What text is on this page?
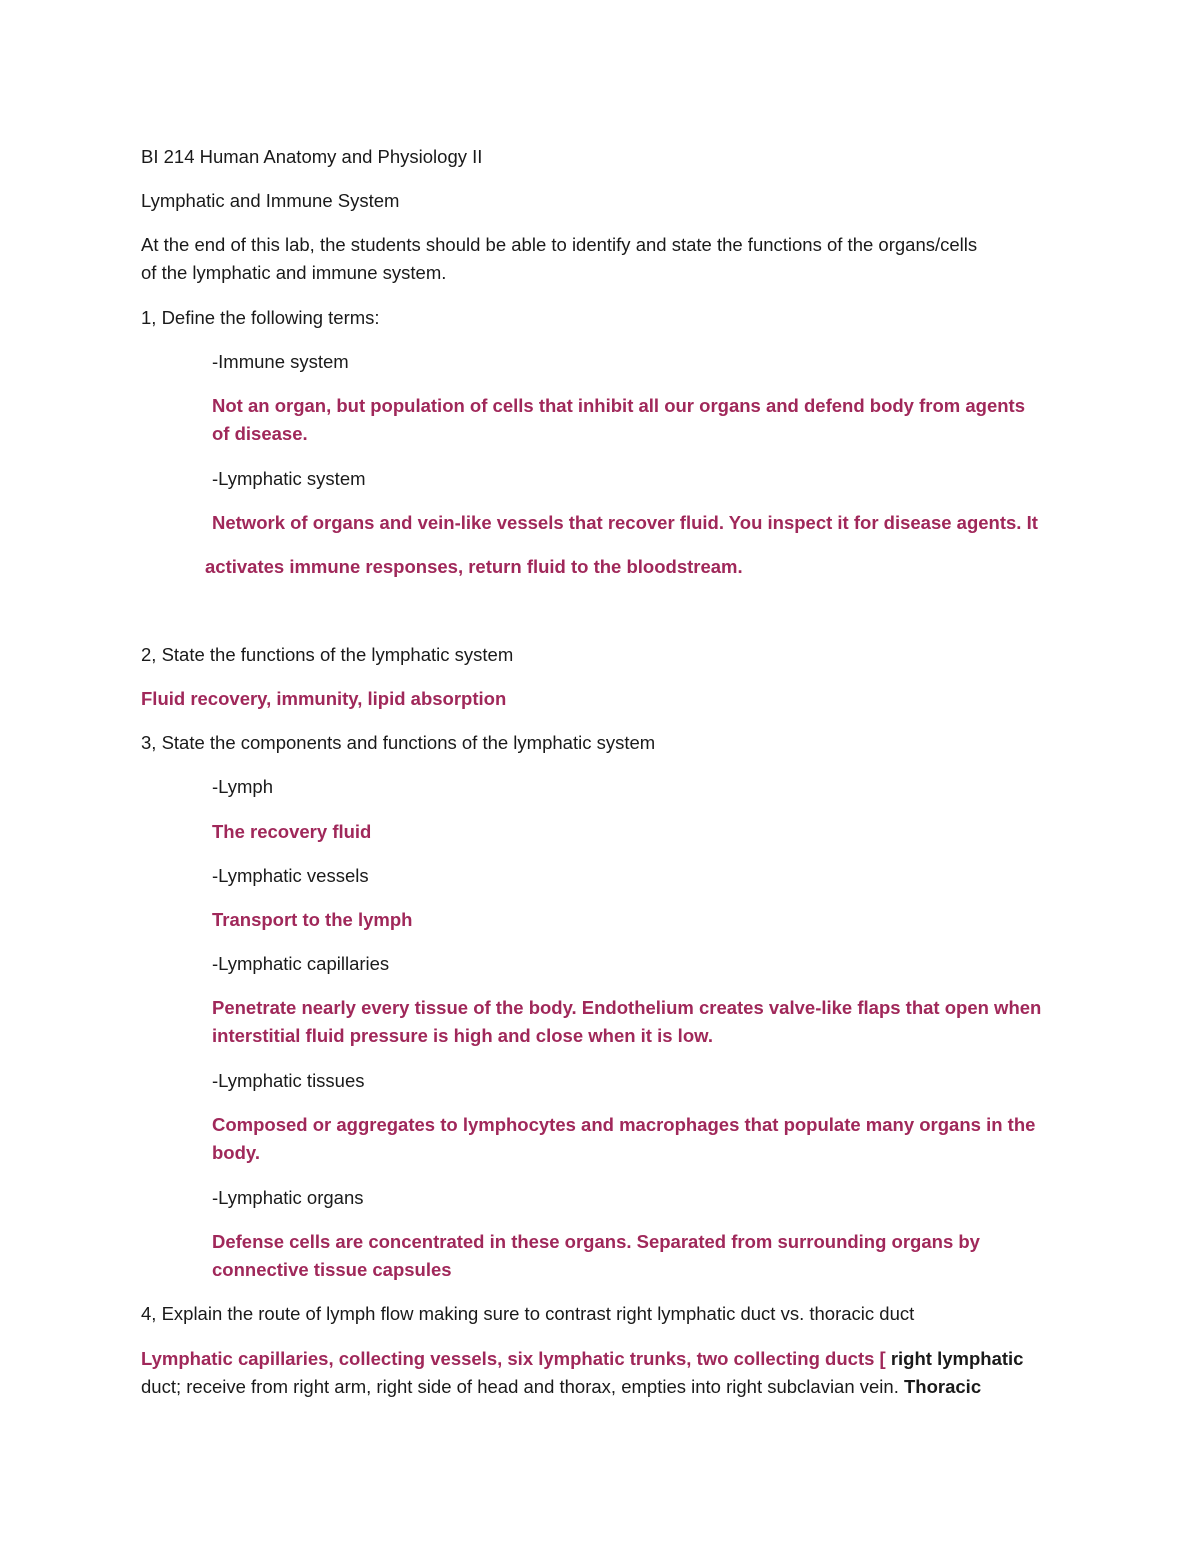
BI 214 Human Anatomy and Physiology II
Lymphatic and Immune System
At the end of this lab, the students should be able to identify and state the functions of the organs/cells
of the lymphatic and immune system.
1, Define the following terms:
-Immune system
Not an organ, but population of cells that inhibit all our organs and defend body from agents
of disease.
-Lymphatic system
Network of organs and vein-like vessels that recover fluid. You inspect it for disease agents. It
activates immune responses, return fluid to the bloodstream.
2, State the functions of the lymphatic system
Fluid recovery, immunity, lipid absorption
3, State the components and functions of the lymphatic system
-Lymph
The recovery fluid
-Lymphatic vessels
Transport to the lymph
-Lymphatic capillaries
Penetrate nearly every tissue of the body. Endothelium creates valve-like flaps that open when
interstitial fluid pressure is high and close when it is low.
-Lymphatic tissues
Composed or aggregates to lymphocytes and macrophages that populate many organs in the
body.
-Lymphatic organs
Defense cells are concentrated in these organs. Separated from surrounding organs by
connective tissue capsules
4, Explain the route of lymph flow making sure to contrast right lymphatic duct vs. thoracic duct
Lymphatic capillaries, collecting vessels, six lymphatic trunks, two collecting ducts [ right lymphatic
duct; receive from right arm, right side of head and thorax, empties into right subclavian vein. Thoracic
